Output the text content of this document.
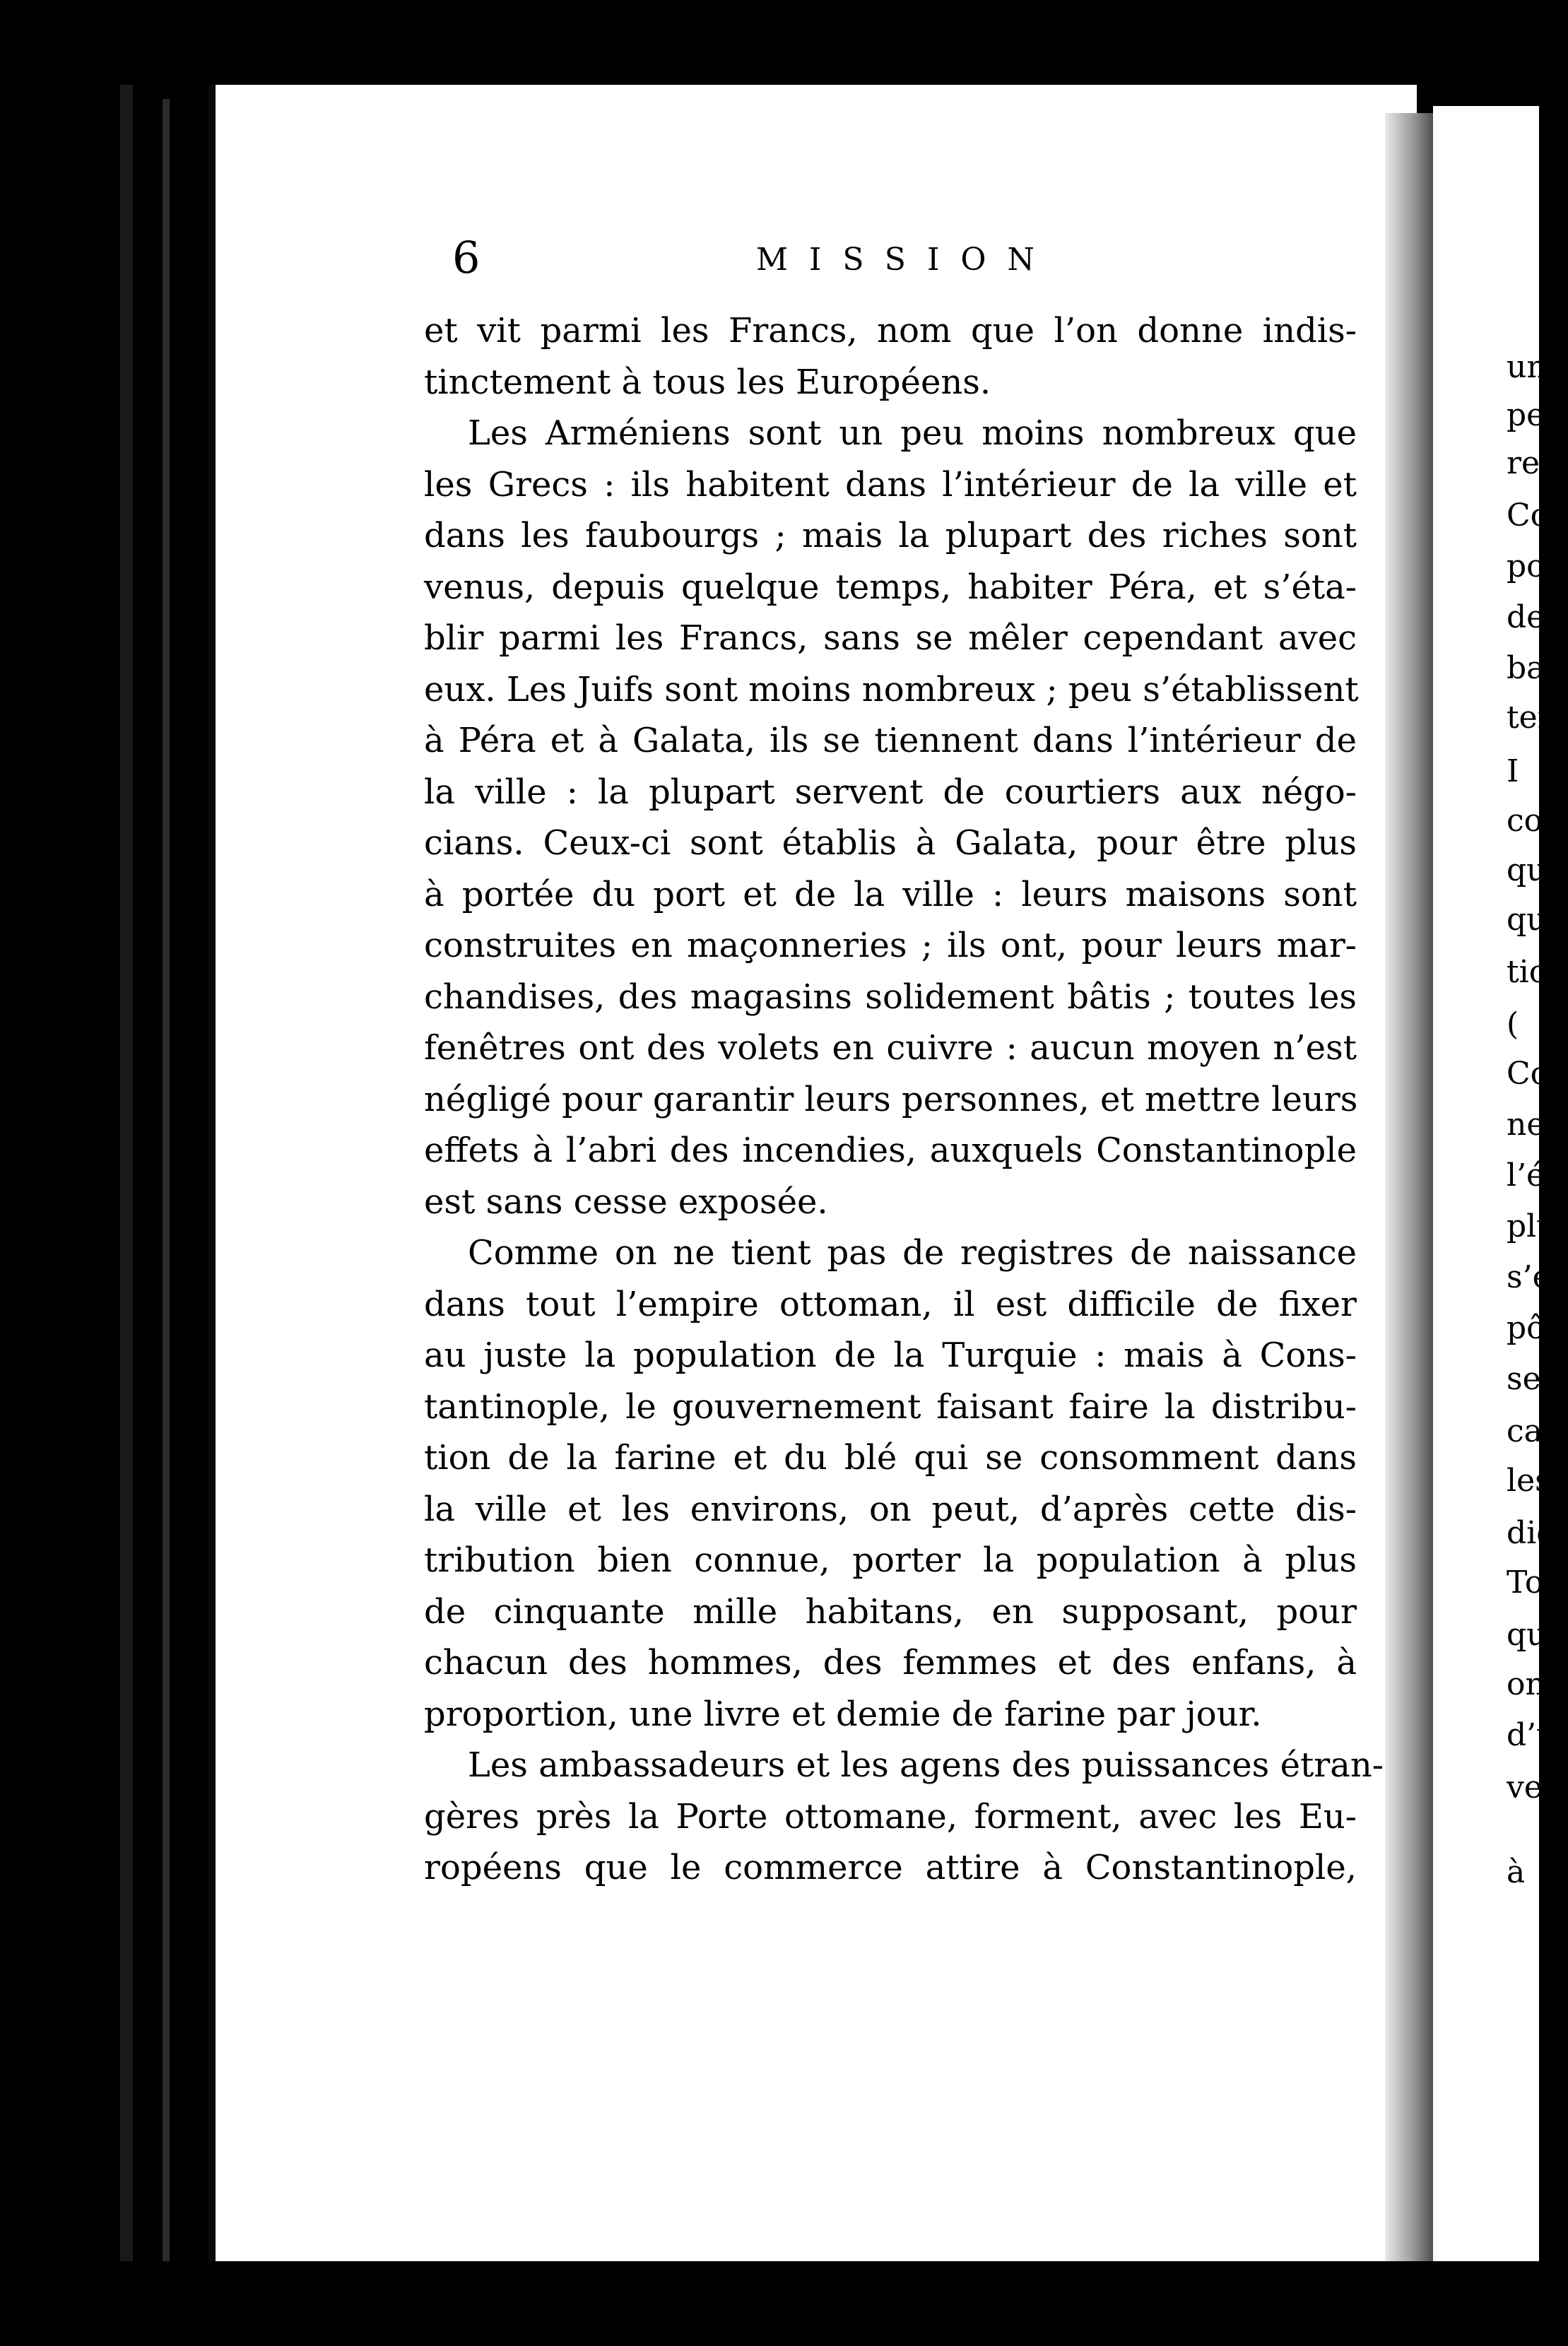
6	MISSION
et vit parmi les Francs, nom que l’on donne indis-
tinctement à tous les Européens.
Les Arméniens sont un peu moins nombreux que
les Grecs : ils habitent dans l’intérieur de la ville et
dans les faubourgs ; mais la plupart des riches sont
venus, depuis quelque temps, habiter Péra, et s’éta-
blir parmi les Francs, sans se mêler cependant avec
eux. Les Juifs sont moins nombreux ; peu s’établissent
à Péra et à Galata, ils se tiennent dans l’intérieur de
la ville : la plupart servent de courtiers aux négo-
cians. Ceux-ci sont établis à Galata, pour être plus
à portée du port et de la ville : leurs maisons sont
construites en maçonneries ; ils ont, pour leurs mar-
chandises, des magasins solidement bâtis ; toutes les
fenêtres ont des volets en cuivre : aucun moyen n’est
négligé pour garantir leurs personnes, et mettre leurs
effets à l’abri des incendies, auxquels Constantinople
est sans cesse exposée.
Comme on ne tient pas de registres de naissance
dans tout l’empire ottoman, il est difficile de fixer
au juste la population de la Turquie : mais à Cons-
tantinople, le gouvernement faisant faire la distribu-
tion de la farine et du blé qui se consomment dans
la ville et les environs, on peut, d’après cette dis-
tribution bien connue, porter la population à plus
de cinquante mille habitans, en supposant, pour
chacun des hommes, des femmes et des enfans, à
proportion, une livre et demie de farine par jour.
Les ambassadeurs et les agens des puissances étran-
gères près la Porte ottomane, forment, avec les Eu-
ropéens que le commerce attire à Constantinople,
une
peu
rest
Co
pou
de
bas
ter
I
con
que
que
tio
(
Co
ne
l’ét
plu
s’e
pô
ser
cat
les
dig
To
qu
on
d’u
ve
à
